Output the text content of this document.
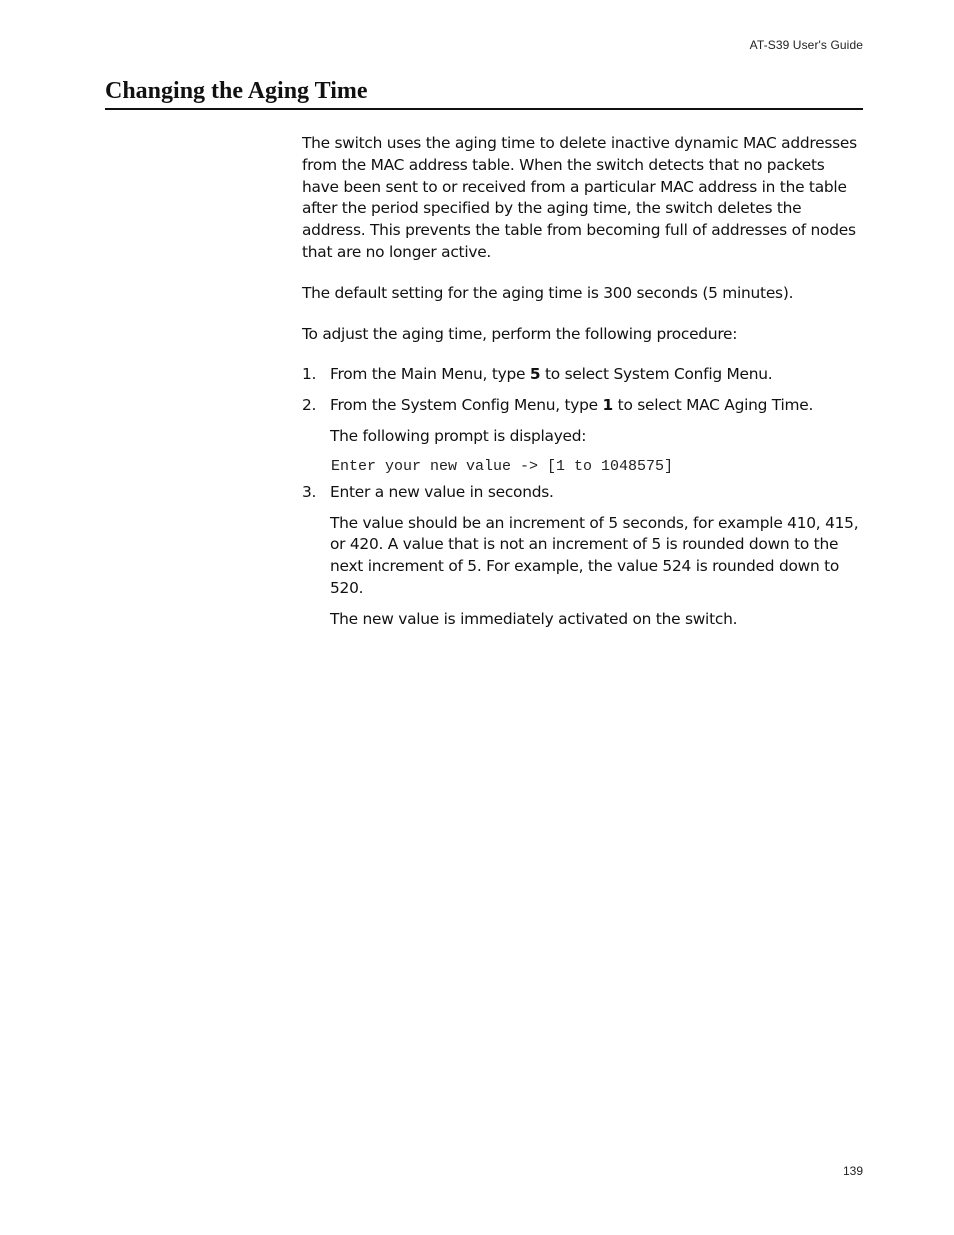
AT-S39 User's Guide
Changing the Aging Time

The switch uses the aging time to delete inactive dynamic MAC addresses from the MAC address table. When the switch detects that no packets have been sent to or received from a particular MAC address in the table after the period specified by the aging time, the switch deletes the address. This prevents the table from becoming full of addresses of nodes that are no longer active.

The default setting for the aging time is 300 seconds (5 minutes).

To adjust the aging time, perform the following procedure:

1. From the Main Menu, type 5 to select System Config Menu.
2. From the System Config Menu, type 1 to select MAC Aging Time.

The following prompt is displayed:

Enter your new value -> [1 to 1048575]
3. Enter a new value in seconds.

The value should be an increment of 5 seconds, for example 410, 415, or 420. A value that is not an increment of 5 is rounded down to the next increment of 5. For example, the value 524 is rounded down to 520.

The new value is immediately activated on the switch.

139
